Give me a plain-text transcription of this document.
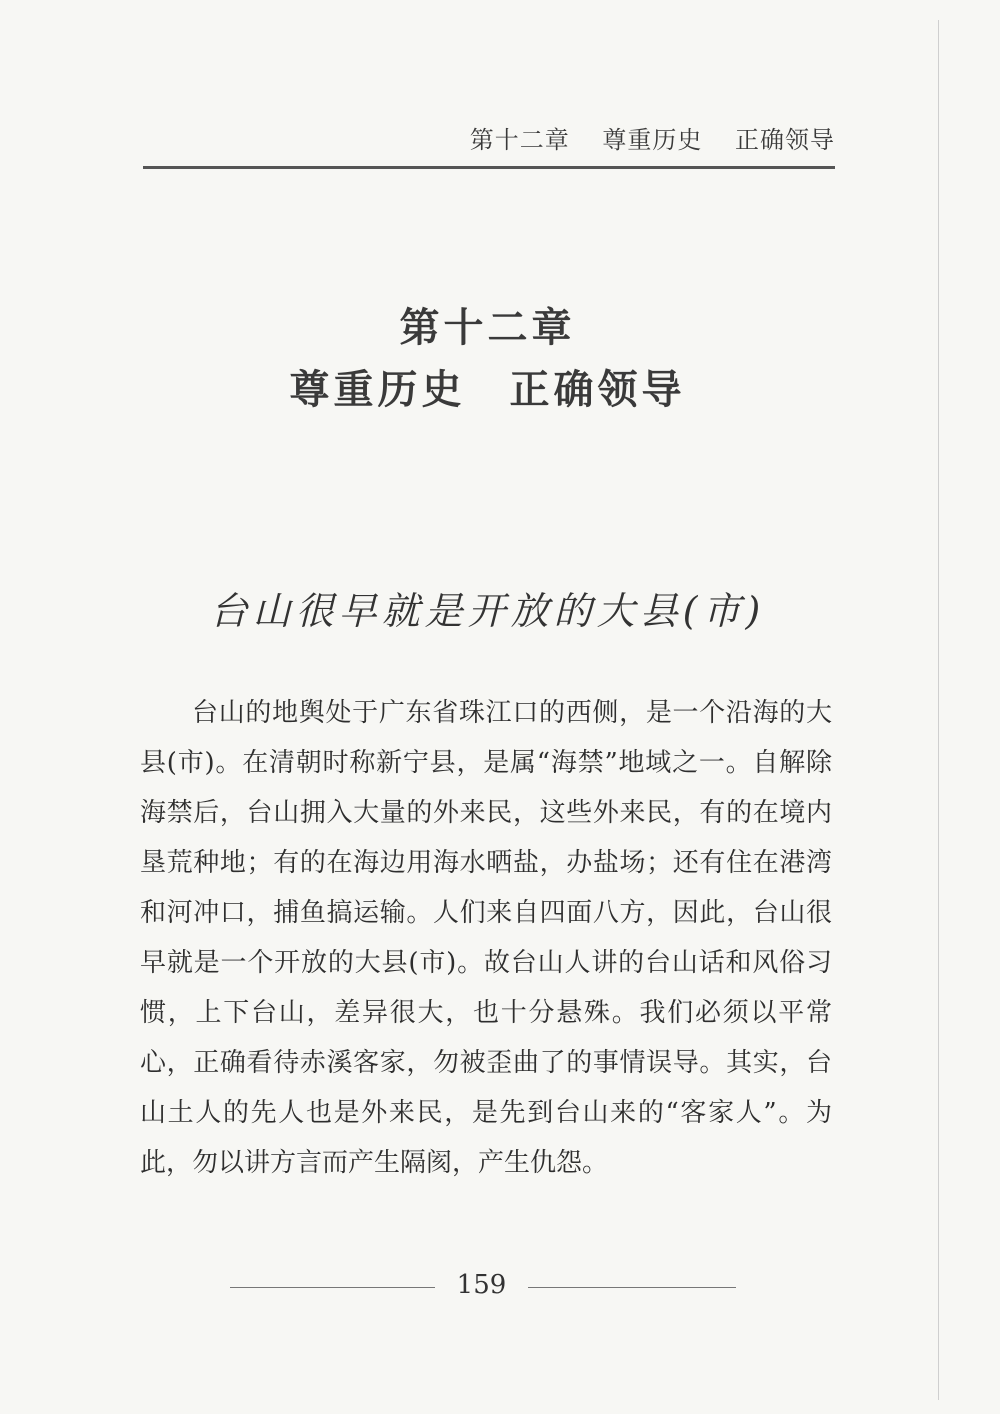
第十二章 尊重历史 正确领导
第十二章
尊重历史 正确领导
台山很早就是开放的大县(市)

台山的地舆处于广东省珠江口的西侧，是一个沿海的大县(市)。在清朝时称新宁县，是属“海禁”地域之一。自解除海禁后，台山拥入大量的外来民，这些外来民，有的在境内垦荒种地；有的在海边用海水晒盐，办盐场；还有住在港湾和河冲口，捕鱼搞运输。人们来自四面八方，因此，台山很早就是一个开放的大县(市)。故台山人讲的台山话和风俗习惯，上下台山，差异很大，也十分悬殊。我们必须以平常心，正确看待赤溪客家，勿被歪曲了的事情误导。其实，台山土人的先人也是外来民，是先到台山来的“客家人”。为此，勿以讲方言而产生隔阂，产生仇怨。

159
